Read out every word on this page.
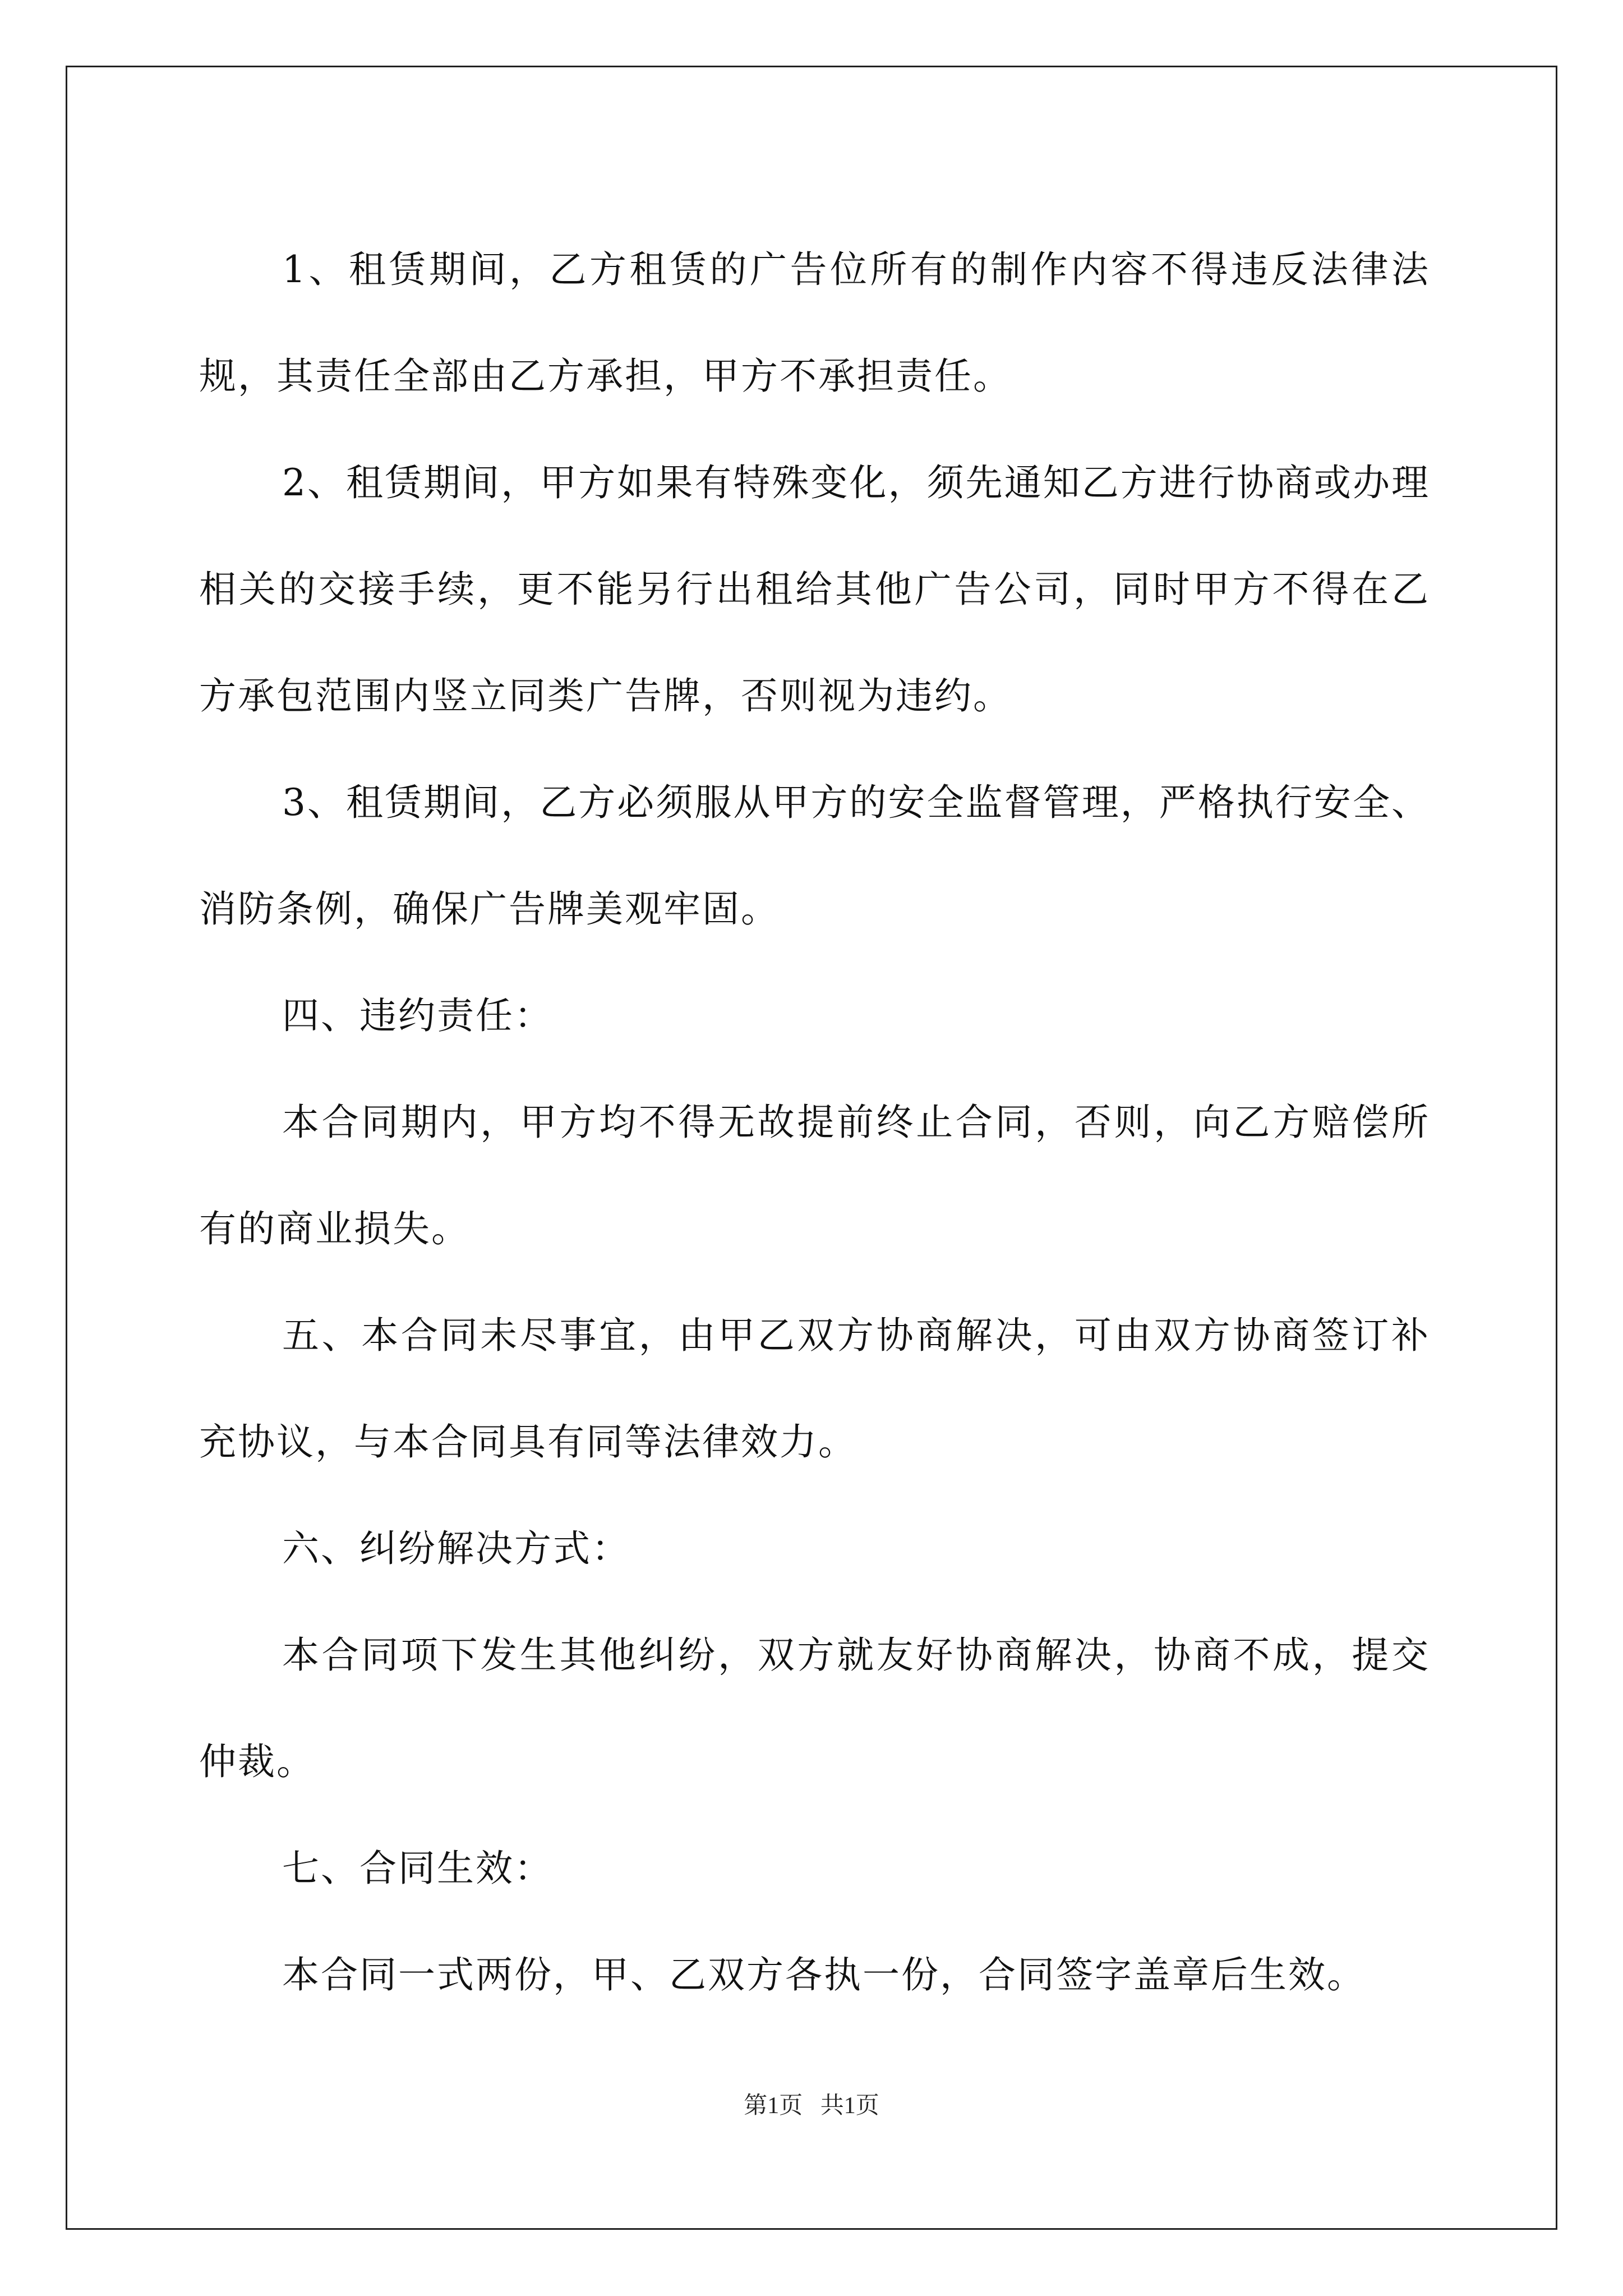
1、租赁期间，乙方租赁的广告位所有的制作内容不得违反法律法规，其责任全部由乙方承担，甲方不承担责任。

2、租赁期间，甲方如果有特殊变化，须先通知乙方进行协商或办理相关的交接手续，更不能另行出租给其他广告公司，同时甲方不得在乙方承包范围内竖立同类广告牌，否则视为违约。

3、租赁期间，乙方必须服从甲方的安全监督管理，严格执行安全、消防条例，确保广告牌美观牢固。

四、违约责任：

本合同期内，甲方均不得无故提前终止合同，否则，向乙方赔偿所有的商业损失。

五、本合同未尽事宜，由甲乙双方协商解决，可由双方协商签订补充协议，与本合同具有同等法律效力。

六、纠纷解决方式：

本合同项下发生其他纠纷，双方就友好协商解决，协商不成，提交仲裁。

七、合同生效：

本合同一式两份，甲、乙双方各执一份，合同签字盖章后生效。

第1页 共1页
